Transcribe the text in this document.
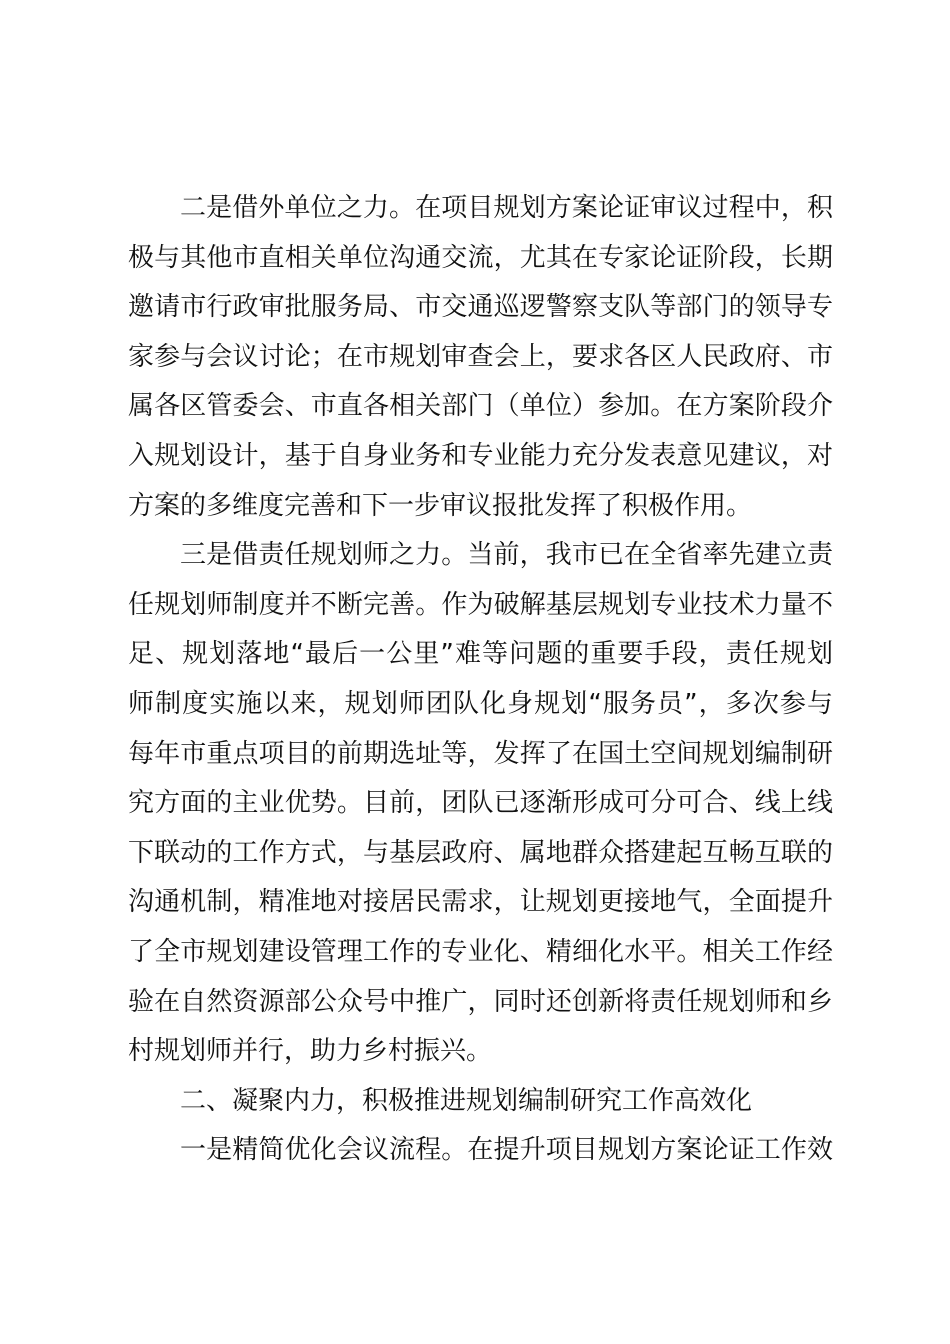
二是借外单位之力。在项目规划方案论证审议过程中，积
极与其他市直相关单位沟通交流，尤其在专家论证阶段，长期
邀请市行政审批服务局、市交通巡逻警察支队等部门的领导专
家参与会议讨论；在市规划审查会上，要求各区人民政府、市
属各区管委会、市直各相关部门（单位）参加。在方案阶段介
入规划设计，基于自身业务和专业能力充分发表意见建议，对
方案的多维度完善和下一步审议报批发挥了积极作用。
三是借责任规划师之力。当前，我市已在全省率先建立责
任规划师制度并不断完善。作为破解基层规划专业技术力量不
足、规划落地“最后一公里”难等问题的重要手段，责任规划
师制度实施以来，规划师团队化身规划“服务员”，多次参与
每年市重点项目的前期选址等，发挥了在国土空间规划编制研
究方面的主业优势。目前，团队已逐渐形成可分可合、线上线
下联动的工作方式，与基层政府、属地群众搭建起互畅互联的
沟通机制，精准地对接居民需求，让规划更接地气，全面提升
了全市规划建设管理工作的专业化、精细化水平。相关工作经
验在自然资源部公众号中推广，同时还创新将责任规划师和乡
村规划师并行，助力乡村振兴。
二、凝聚内力，积极推进规划编制研究工作高效化
一是精简优化会议流程。在提升项目规划方案论证工作效
